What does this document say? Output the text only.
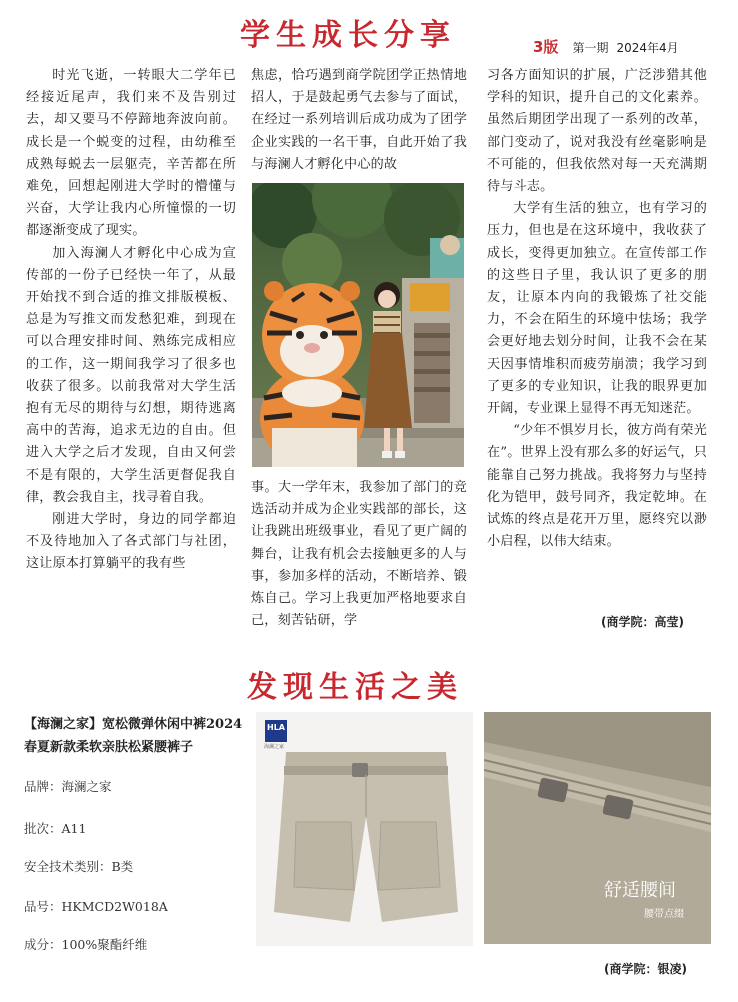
学生成长分享	3版 第一期 2024年4月

时光飞逝，一转眼大二学年已经接近尾声，我们来不及告别过去，却又要马不停蹄地奔波向前。成长是一个蜕变的过程，由幼稚至成熟每蜕去一层躯壳，辛苦都在所难免，回想起刚进大学时的懵懂与兴奋，大学让我内心所憧憬的一切都逐渐变成了现实。

加入海澜人才孵化中心成为宣传部的一份子已经快一年了，从最开始找不到合适的推文排版模板、总是为写推文而发愁犯难，到现在可以合理安排时间、熟练完成相应的工作，这一期间我学习了很多也收获了很多。以前我常对大学生活抱有无尽的期待与幻想，期待逃离高中的苦海，追求无边的自由。但进入大学之后才发现，自由又何尝不是有限的，大学生活更督促我自律，教会我自主，找寻着自我。

刚进大学时，身边的同学都迫不及待地加入了各式部门与社团，这让原本打算躺平的我有些

焦虑，恰巧遇到商学院团学正热情地招人，于是鼓起勇气去参与了面试，在经过一系列培训后成功成为了团学企业实践的一名干事，自此开始了我与海澜人才孵化中心的故

事。大一学年末，我参加了部门的竞选活动并成为企业实践部的部长，这让我跳出班级事业，看见了更广阔的舞台，让我有机会去接触更多的人与事，参加多样的活动，不断培养、锻炼自己。学习上我更加严格地要求自己，刻苦钻研，学

习各方面知识的扩展，广泛涉猎其他学科的知识，提升自己的文化素养。虽然后期团学出现了一系列的改革，部门变动了，说对我没有丝毫影响是不可能的，但我依然对每一天充满期待与斗志。

大学有生活的独立，也有学习的压力，但也是在这环境中，我收获了成长，变得更加独立。在宣传部工作的这些日子里，我认识了更多的朋友，让原本内向的我锻炼了社交能力，不会在陌生的环境中怯场；我学会更好地去划分时间，让我不会在某天因事情堆积而疲劳崩溃；我学习到了更多的专业知识，让我的眼界更加开阔，专业课上显得不再无知迷茫。

“少年不惧岁月长，彼方尚有荣光在”。世界上没有那么多的好运气，只能靠自己努力挑战。我将努力与坚持化为铠甲，鼓号同齐，我定乾坤。在试炼的终点是花开万里，愿终究以渺小启程，以伟大结束。

(商学院：高莹)
发现生活之美
【海澜之家】宽松微弹休闲中裤2024春夏新款柔软亲肤松紧腰裤子
品牌：海澜之家
批次：A11
安全技术类别：B类
品号：HKMCD2W018A
成分：100%聚酯纤维
HLA
海澜之家
舒适腰间
腰带点缀
(商学院：银凌)
